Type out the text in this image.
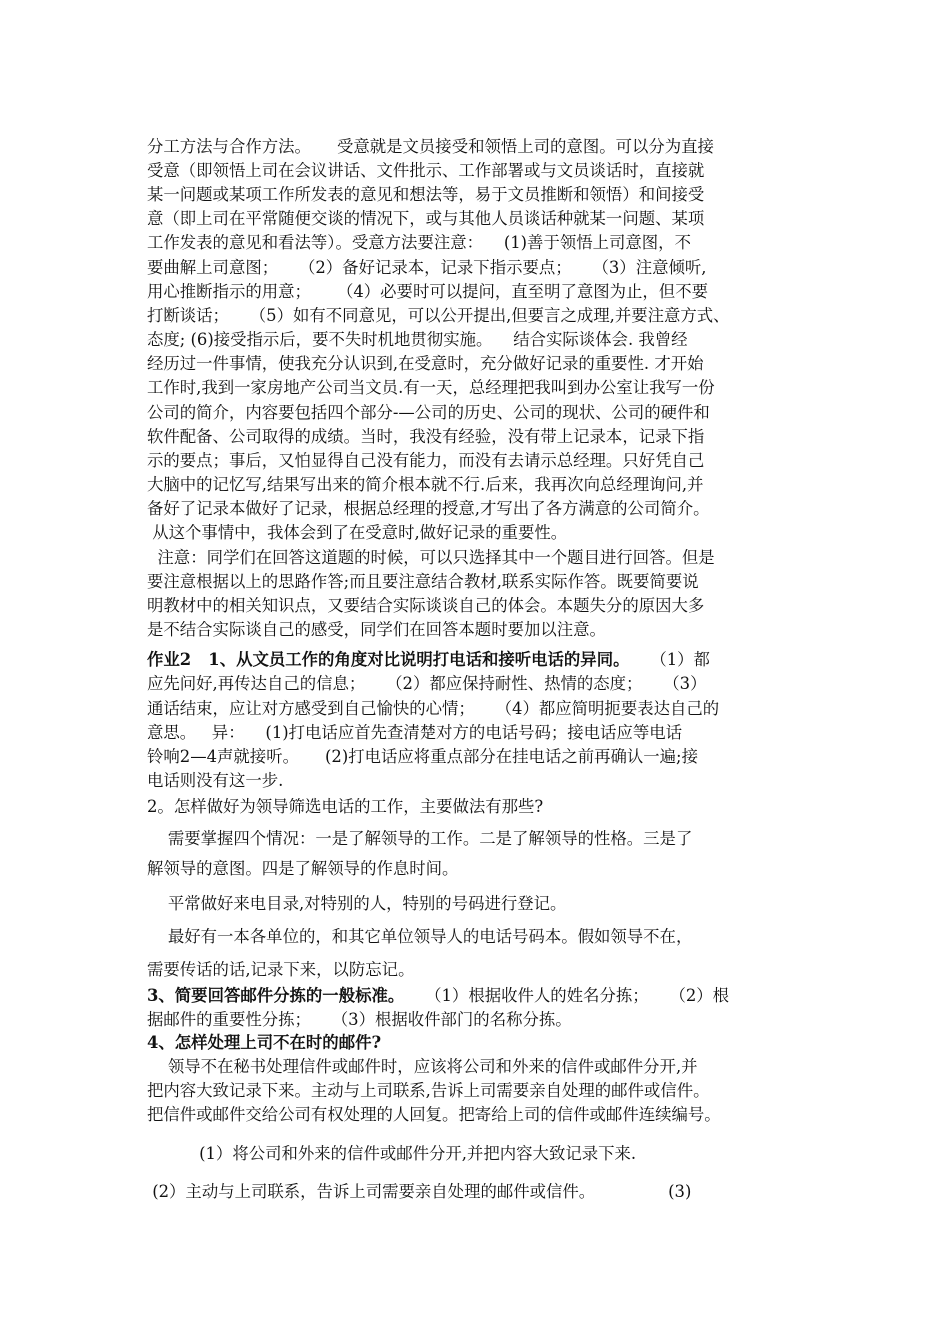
分工方法与合作方法。     受意就是文员接受和领悟上司的意图。可以分为直接
受意（即领悟上司在会议讲话、文件批示、工作部署或与文员谈话时，直接就
某一问题或某项工作所发表的意见和想法等，易于文员推断和领悟）和间接受
意（即上司在平常随便交谈的情况下，或与其他人员谈话种就某一问题、某项
工作发表的意见和看法等）。受意方法要注意：    (1)善于领悟上司意图，不
要曲解上司意图；    （2）备好记录本，记录下指示要点；    （3）注意倾听,
用心推断指示的用意；     （4）必要时可以提问，直至明了意图为止，但不要
打断谈话；    （5）如有不同意见，可以公开提出,但要言之成理,并要注意方式、
态度; (6)接受指示后，要不失时机地贯彻实施。    结合实际谈体会. 我曾经
经历过一件事情，使我充分认识到,在受意时，充分做好记录的重要性. 才开始
工作时,我到一家房地产公司当文员.有一天，总经理把我叫到办公室让我写一份
公司的简介，内容要包括四个部分-—公司的历史、公司的现状、公司的硬件和
软件配备、公司取得的成绩。当时，我没有经验，没有带上记录本，记录下指
示的要点；事后，又怕显得自己没有能力，而没有去请示总经理。只好凭自己
大脑中的记忆写,结果写出来的简介根本就不行.后来，我再次向总经理询问,并
备好了记录本做好了记录，根据总经理的授意,才写出了各方满意的公司简介。
从这个事情中，我体会到了在受意时,做好记录的重要性。
注意：同学们在回答这道题的时候，可以只选择其中一个题目进行回答。但是
要注意根据以上的思路作答;而且要注意结合教材,联系实际作答。既要简要说
明教材中的相关知识点，又要结合实际谈谈自己的体会。本题失分的原因大多
是不结合实际谈自己的感受，同学们在回答本题时要加以注意。
作业2   1、从文员工作的角度对比说明打电话和接听电话的异同。    （1）都
应先问好,再传达自己的信息；    （2）都应保持耐性、热情的态度；    （3）
通话结束，应让对方感受到自己愉快的心情；    （4）都应简明扼要表达自己的
意思。   异：    (1)打电话应首先查清楚对方的电话号码；接电话应等电话
铃响2—4声就接听。     (2)打电话应将重点部分在挂电话之前再确认一遍;接
电话则没有这一步.
2。怎样做好为领导筛选电话的工作，主要做法有那些?
需要掌握四个情况：一是了解领导的工作。二是了解领导的性格。三是了
解领导的意图。四是了解领导的作息时间。
平常做好来电目录,对特别的人，特别的号码进行登记。
最好有一本各单位的，和其它单位领导人的电话号码本。假如领导不在，
需要传话的话,记录下来，以防忘记。
3、简要回答邮件分拣的一般标准。    （1）根据收件人的姓名分拣；    （2）根
据邮件的重要性分拣；    （3）根据收件部门的名称分拣。
4、怎样处理上司不在时的邮件?
领导不在秘书处理信件或邮件时，应该将公司和外来的信件或邮件分开,并
把内容大致记录下来。主动与上司联系,告诉上司需要亲自处理的邮件或信件。
把信件或邮件交给公司有权处理的人回复。把寄给上司的信件或邮件连续编号。
(1）将公司和外来的信件或邮件分开,并把内容大致记录下来.
(2）主动与上司联系，告诉上司需要亲自处理的邮件或信件。              (3)
